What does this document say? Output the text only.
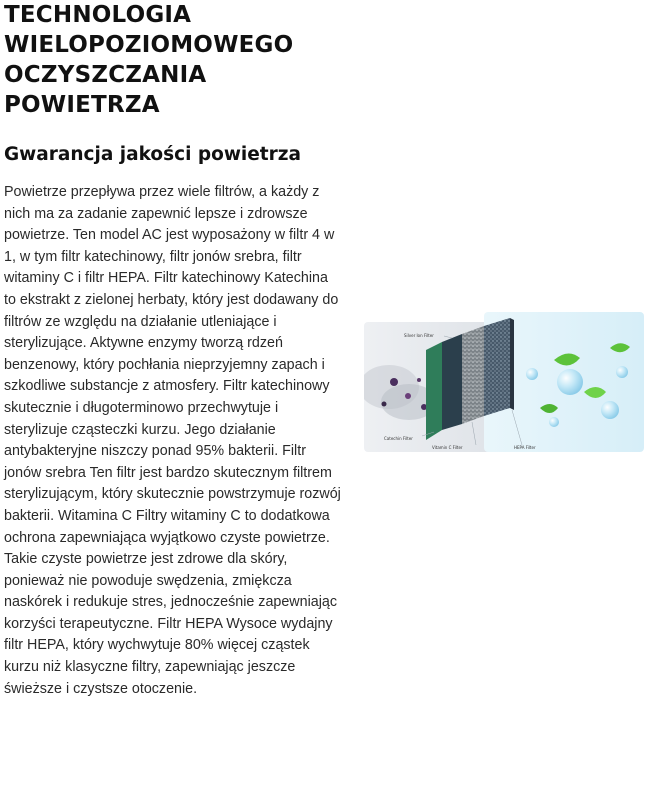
TECHNOLOGIA WIELOPOZIOMOWEGO OCZYSZCZANIA POWIETRZA
Gwarancja jakości powietrza

Powietrze przepływa przez wiele filtrów, a każdy z nich ma za zadanie zapewnić lepsze i zdrowsze powietrze. Ten model AC jest wyposażony w filtr 4 w 1, w tym filtr katechinowy, filtr jonów srebra, filtr witaminy C i filtr HEPA. Filtr katechinowy Katechina to ekstrakt z zielonej herbaty, który jest dodawany do filtrów ze względu na działanie utleniające i sterylizujące. Aktywne enzymy tworzą rdzeń benzenowy, który pochłania nieprzyjemny zapach i szkodliwe substancje z atmosfery. Filtr katechinowy skutecznie i długoterminowo przechwytuje i sterylizuje cząsteczki kurzu. Jego działanie antybakteryjne niszczy ponad 95% bakterii. Filtr jonów srebra Ten filtr jest bardzo skutecznym filtrem sterylizującym, który skutecznie powstrzymuje rozwój bakterii. Witamina C Filtry witaminy C to dodatkowa ochrona zapewniająca wyjątkowo czyste powietrze. Takie czyste powietrze jest zdrowe dla skóry, ponieważ nie powoduje swędzenia, zmiękcza naskórek i redukuje stres, jednocześnie zapewniając korzyści terapeutyczne. Filtr HEPA Wysoce wydajny filtr HEPA, który wychwytuje 80% więcej cząstek kurzu niż klasyczne filtry, zapewniając jeszcze świeższe i czystsze otoczenie.

Silver Ion Filter
Catechin Filter
Vitamin C Filter	HEPA Filter
